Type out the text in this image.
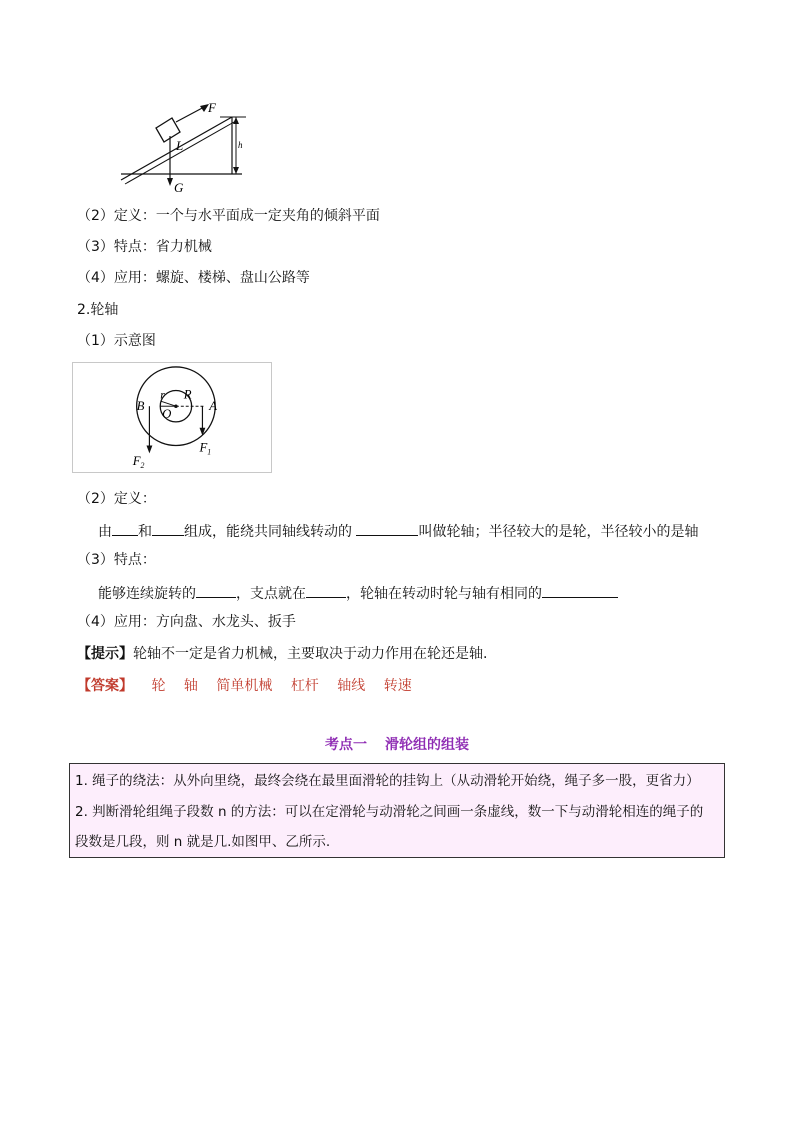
F
L	h
G
（2）定义：一个与水平面成一定夹角的倾斜平面
（3）特点：省力机械
（4）应用：螺旋、楼梯、盘山公路等
2.轮轴
（1）示意图
B
r R
A
O
$F_1$
$F_2$
（2）定义：
由 和 组成，能绕共同轴线转动的	叫做轮轴；半径较大的是轮，半径较小的是轴
（3）特点：
能够连续旋转的	，支点就在	，轮轴在转动时轮与轴有相同的
（4）应用：方向盘、水龙头、扳手
【提示】轮轴不一定是省力机械，主要取决于动力作用在轮还是轴.
【答案】 轮 轴 简单机械 杠杆 轴线 转速
考点一 滑轮组的组装
1. 绳子的绕法：从外向里绕，最终会绕在最里面滑轮的挂钩上（从动滑轮开始绕，绳子多一股，更省力）
2. 判断滑轮组绳子段数 n 的方法：可以在定滑轮与动滑轮之间画一条虚线，数一下与动滑轮相连的绳子的
段数是几段，则 n 就是几.如图甲、乙所示.
